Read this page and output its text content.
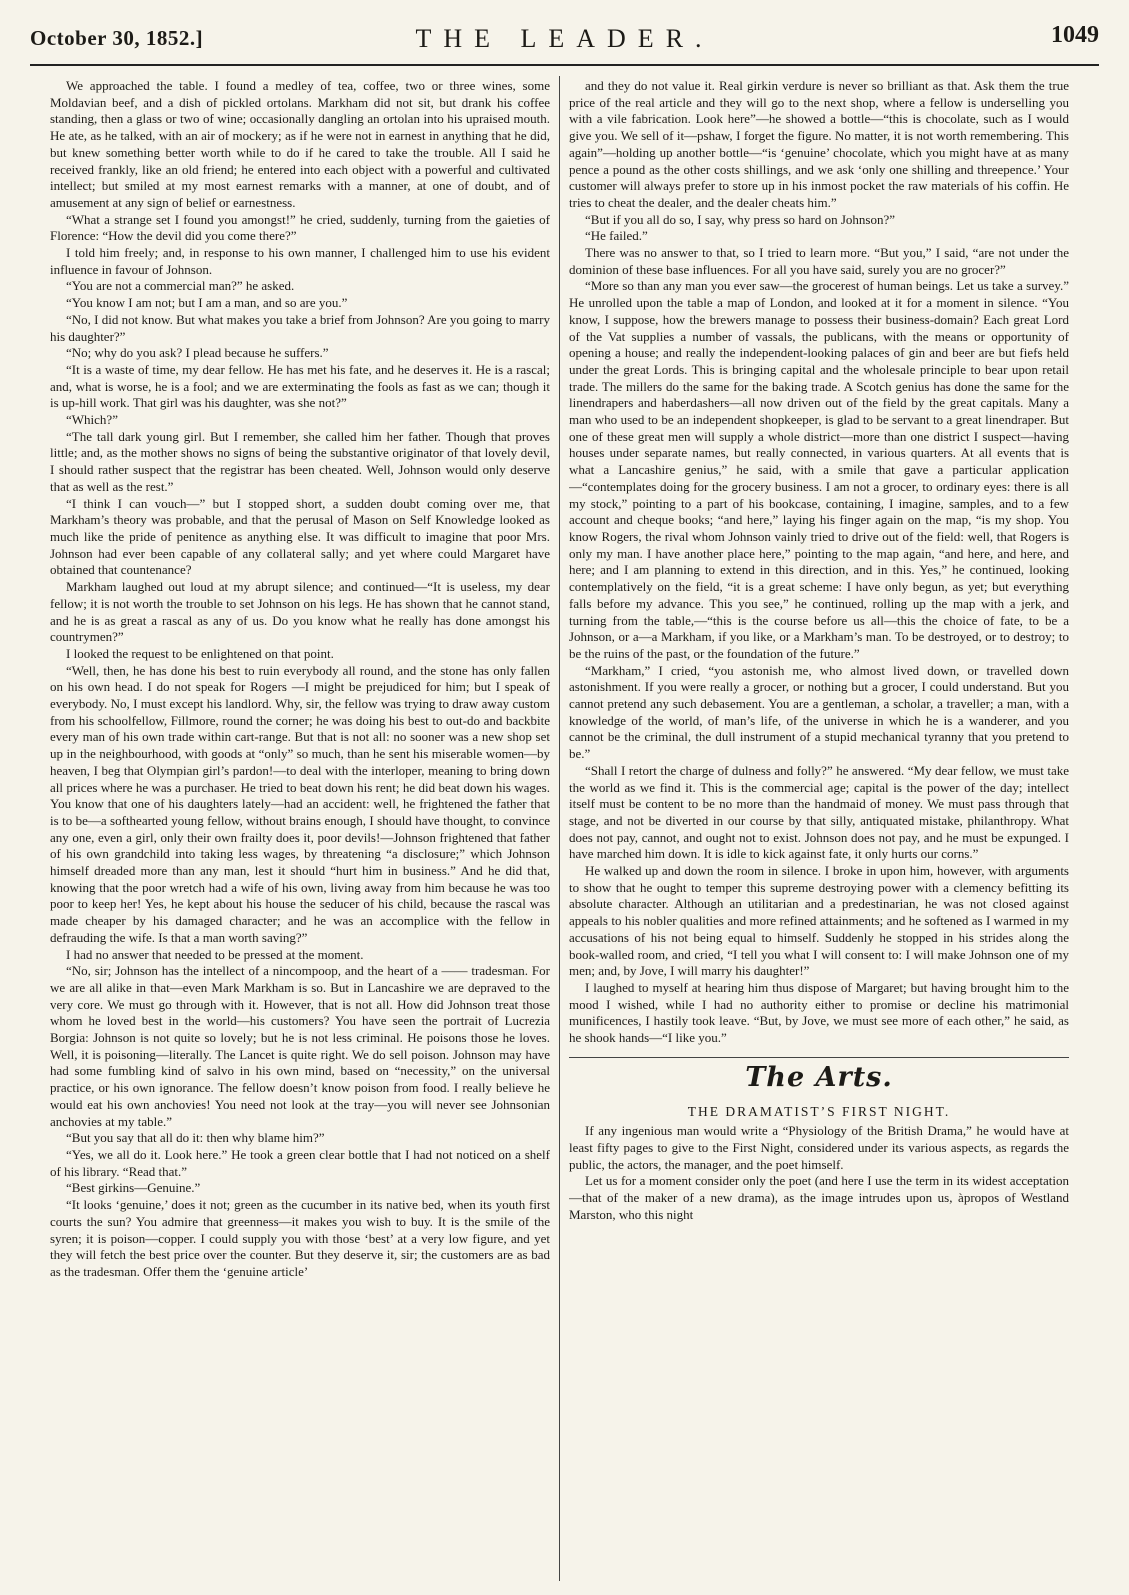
October 30, 1852.]	THE LEADER.	1049

We approached the table. I found a medley of tea, coffee, two or three wines, some Moldavian beef, and a dish of pickled ortolans. Markham did not sit, but drank his coffee standing, then a glass or two of wine; occasionally dangling an ortolan into his upraised mouth. He ate, as he talked, with an air of mockery; as if he were not in earnest in anything that he did, but knew something better worth while to do if he cared to take the trouble. All I said he received frankly, like an old friend; he entered into each object with a powerful and cultivated intellect; but smiled at my most earnest remarks with a manner, at one of doubt, and of amusement at any sign of belief or earnestness.

“What a strange set I found you amongst!” he cried, suddenly, turning from the gaieties of Florence: “How the devil did you come there?”

I told him freely; and, in response to his own manner, I challenged him to use his evident influence in favour of Johnson.

“You are not a commercial man?” he asked.

“You know I am not; but I am a man, and so are you.”

“No, I did not know. But what makes you take a brief from Johnson? Are you going to marry his daughter?”

“No; why do you ask? I plead because he suffers.”

“It is a waste of time, my dear fellow. He has met his fate, and he deserves it. He is a rascal; and, what is worse, he is a fool; and we are exterminating the fools as fast as we can; though it is up-hill work. That girl was his daughter, was she not?”

“Which?”

“The tall dark young girl. But I remember, she called him her father. Though that proves little; and, as the mother shows no signs of being the substantive originator of that lovely devil, I should rather suspect that the registrar has been cheated. Well, Johnson would only deserve that as well as the rest.”

“I think I can vouch—” but I stopped short, a sudden doubt coming over me, that Markham’s theory was probable, and that the perusal of Mason on Self Knowledge looked as much like the pride of penitence as anything else. It was difficult to imagine that poor Mrs. Johnson had ever been capable of any collateral sally; and yet where could Margaret have obtained that countenance?

Markham laughed out loud at my abrupt silence; and continued—“It is useless, my dear fellow; it is not worth the trouble to set Johnson on his legs. He has shown that he cannot stand, and he is as great a rascal as any of us. Do you know what he really has done amongst his countrymen?”

I looked the request to be enlightened on that point.

“Well, then, he has done his best to ruin everybody all round, and the stone has only fallen on his own head. I do not speak for Rogers —I might be prejudiced for him; but I speak of everybody. No, I must except his landlord. Why, sir, the fellow was trying to draw away custom from his schoolfellow, Fillmore, round the corner; he was doing his best to out-do and backbite every man of his own trade within cart-range. But that is not all: no sooner was a new shop set up in the neighbourhood, with goods at “only” so much, than he sent his miserable women—by heaven, I beg that Olympian girl’s pardon!—to deal with the interloper, meaning to bring down all prices where he was a purchaser. He tried to beat down his rent; he did beat down his wages. You know that one of his daughters lately—had an accident: well, he frightened the father that is to be—a softhearted young fellow, without brains enough, I should have thought, to convince any one, even a girl, only their own frailty does it, poor devils!—Johnson frightened that father of his own grandchild into taking less wages, by threatening “a disclosure;” which Johnson himself dreaded more than any man, lest it should “hurt him in business.” And he did that, knowing that the poor wretch had a wife of his own, living away from him because he was too poor to keep her! Yes, he kept about his house the seducer of his child, because the rascal was made cheaper by his damaged character; and he was an accomplice with the fellow in defrauding the wife. Is that a man worth saving?”

I had no answer that needed to be pressed at the moment.

“No, sir; Johnson has the intellect of a nincompoop, and the heart of a —— tradesman. For we are all alike in that—even Mark Markham is so. But in Lancashire we are depraved to the very core. We must go through with it. However, that is not all. How did Johnson treat those whom he loved best in the world—his customers? You have seen the portrait of Lucrezia Borgia: Johnson is not quite so lovely; but he is not less criminal. He poisons those he loves. Well, it is poisoning—literally. The Lancet is quite right. We do sell poison. Johnson may have had some fumbling kind of salvo in his own mind, based on “necessity,” on the universal practice, or his own ignorance. The fellow doesn’t know poison from food. I really believe he would eat his own anchovies! You need not look at the tray—you will never see Johnsonian anchovies at my table.”

“But you say that all do it: then why blame him?”

“Yes, we all do it. Look here.” He took a green clear bottle that I had not noticed on a shelf of his library. “Read that.”

“Best girkins—Genuine.”

“It looks ‘genuine,’ does it not; green as the cucumber in its native bed, when its youth first courts the sun? You admire that greenness—it makes you wish to buy. It is the smile of the syren; it is poison—copper. I could supply you with those ‘best’ at a very low figure, and yet they will fetch the best price over the counter. But they deserve it, sir; the customers are as bad as the tradesman. Offer them the ‘genuine article’

and they do not value it. Real girkin verdure is never so brilliant as that. Ask them the true price of the real article and they will go to the next shop, where a fellow is underselling you with a vile fabrication. Look here”—he showed a bottle—“this is chocolate, such as I would give you. We sell of it—pshaw, I forget the figure. No matter, it is not worth remembering. This again”—holding up another bottle—“is ‘genuine’ chocolate, which you might have at as many pence a pound as the other costs shillings, and we ask ‘only one shilling and threepence.’ Your customer will always prefer to store up in his inmost pocket the raw materials of his coffin. He tries to cheat the dealer, and the dealer cheats him.”

“But if you all do so, I say, why press so hard on Johnson?”

“He failed.”

There was no answer to that, so I tried to learn more. “But you,” I said, “are not under the dominion of these base influences. For all you have said, surely you are no grocer?”

“More so than any man you ever saw—the grocerest of human beings. Let us take a survey.” He unrolled upon the table a map of London, and looked at it for a moment in silence. “You know, I suppose, how the brewers manage to possess their business-domain? Each great Lord of the Vat supplies a number of vassals, the publicans, with the means or opportunity of opening a house; and really the independent-looking palaces of gin and beer are but fiefs held under the great Lords. This is bringing capital and the wholesale principle to bear upon retail trade. The millers do the same for the baking trade. A Scotch genius has done the same for the linendrapers and haberdashers—all now driven out of the field by the great capitals. Many a man who used to be an independent shopkeeper, is glad to be servant to a great linendraper. But one of these great men will supply a whole district—more than one district I suspect—having houses under separate names, but really connected, in various quarters. At all events that is what a Lancashire genius,” he said, with a smile that gave a particular application—“contemplates doing for the grocery business. I am not a grocer, to ordinary eyes: there is all my stock,” pointing to a part of his bookcase, containing, I imagine, samples, and to a few account and cheque books; “and here,” laying his finger again on the map, “is my shop. You know Rogers, the rival whom Johnson vainly tried to drive out of the field: well, that Rogers is only my man. I have another place here,” pointing to the map again, “and here, and here, and here; and I am planning to extend in this direction, and in this. Yes,” he continued, looking contemplatively on the field, “it is a great scheme: I have only begun, as yet; but everything falls before my advance. This you see,” he continued, rolling up the map with a jerk, and turning from the table,—“this is the course before us all—this the choice of fate, to be a Johnson, or a—a Markham, if you like, or a Markham’s man. To be destroyed, or to destroy; to be the ruins of the past, or the foundation of the future.”

“Markham,” I cried, “you astonish me, who almost lived down, or travelled down astonishment. If you were really a grocer, or nothing but a grocer, I could understand. But you cannot pretend any such debasement. You are a gentleman, a scholar, a traveller; a man, with a knowledge of the world, of man’s life, of the universe in which he is a wanderer, and you cannot be the criminal, the dull instrument of a stupid mechanical tyranny that you pretend to be.”

“Shall I retort the charge of dulness and folly?” he answered. “My dear fellow, we must take the world as we find it. This is the commercial age; capital is the power of the day; intellect itself must be content to be no more than the handmaid of money. We must pass through that stage, and not be diverted in our course by that silly, antiquated mistake, philanthropy. What does not pay, cannot, and ought not to exist. Johnson does not pay, and he must be expunged. I have marched him down. It is idle to kick against fate, it only hurts our corns.”

He walked up and down the room in silence. I broke in upon him, however, with arguments to show that he ought to temper this supreme destroying power with a clemency befitting its absolute character. Although an utilitarian and a predestinarian, he was not closed against appeals to his nobler qualities and more refined attainments; and he softened as I warmed in my accusations of his not being equal to himself. Suddenly he stopped in his strides along the book-walled room, and cried, “I tell you what I will consent to: I will make Johnson one of my men; and, by Jove, I will marry his daughter!”

I laughed to myself at hearing him thus dispose of Margaret; but having brought him to the mood I wished, while I had no authority either to promise or decline his matrimonial munificences, I hastily took leave. “But, by Jove, we must see more of each other,” he said, as he shook hands—“I like you.”

The Arts.
THE DRAMATIST’S FIRST NIGHT.

If any ingenious man would write a “Physiology of the British Drama,” he would have at least fifty pages to give to the First Night, considered under its various aspects, as regards the public, the actors, the manager, and the poet himself.

Let us for a moment consider only the poet (and here I use the term in its widest acceptation—that of the maker of a new drama), as the image intrudes upon us, àpropos of Westland Marston, who this night
